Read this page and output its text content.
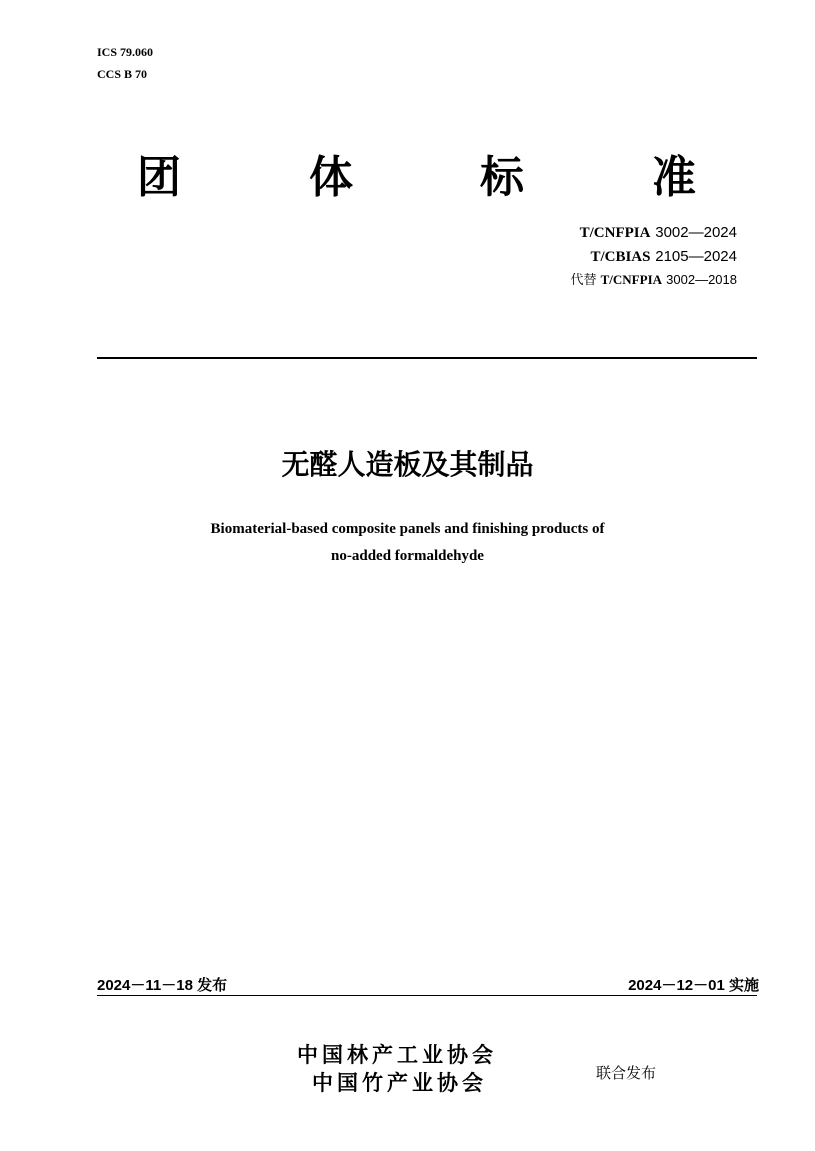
ICS 79.060
CCS B 70
团	体	标	准
T/CNFPIA 3002—2024
T/CBIAS 2105—2024
代替 T/CNFPIA 3002—2018
无醛人造板及其制品
Biomaterial-based composite panels and finishing products of
no-added formaldehyde
2024－11－18 发布	2024－12－01 实施
中国林产工业协会
中国竹产业协会	联合发布
